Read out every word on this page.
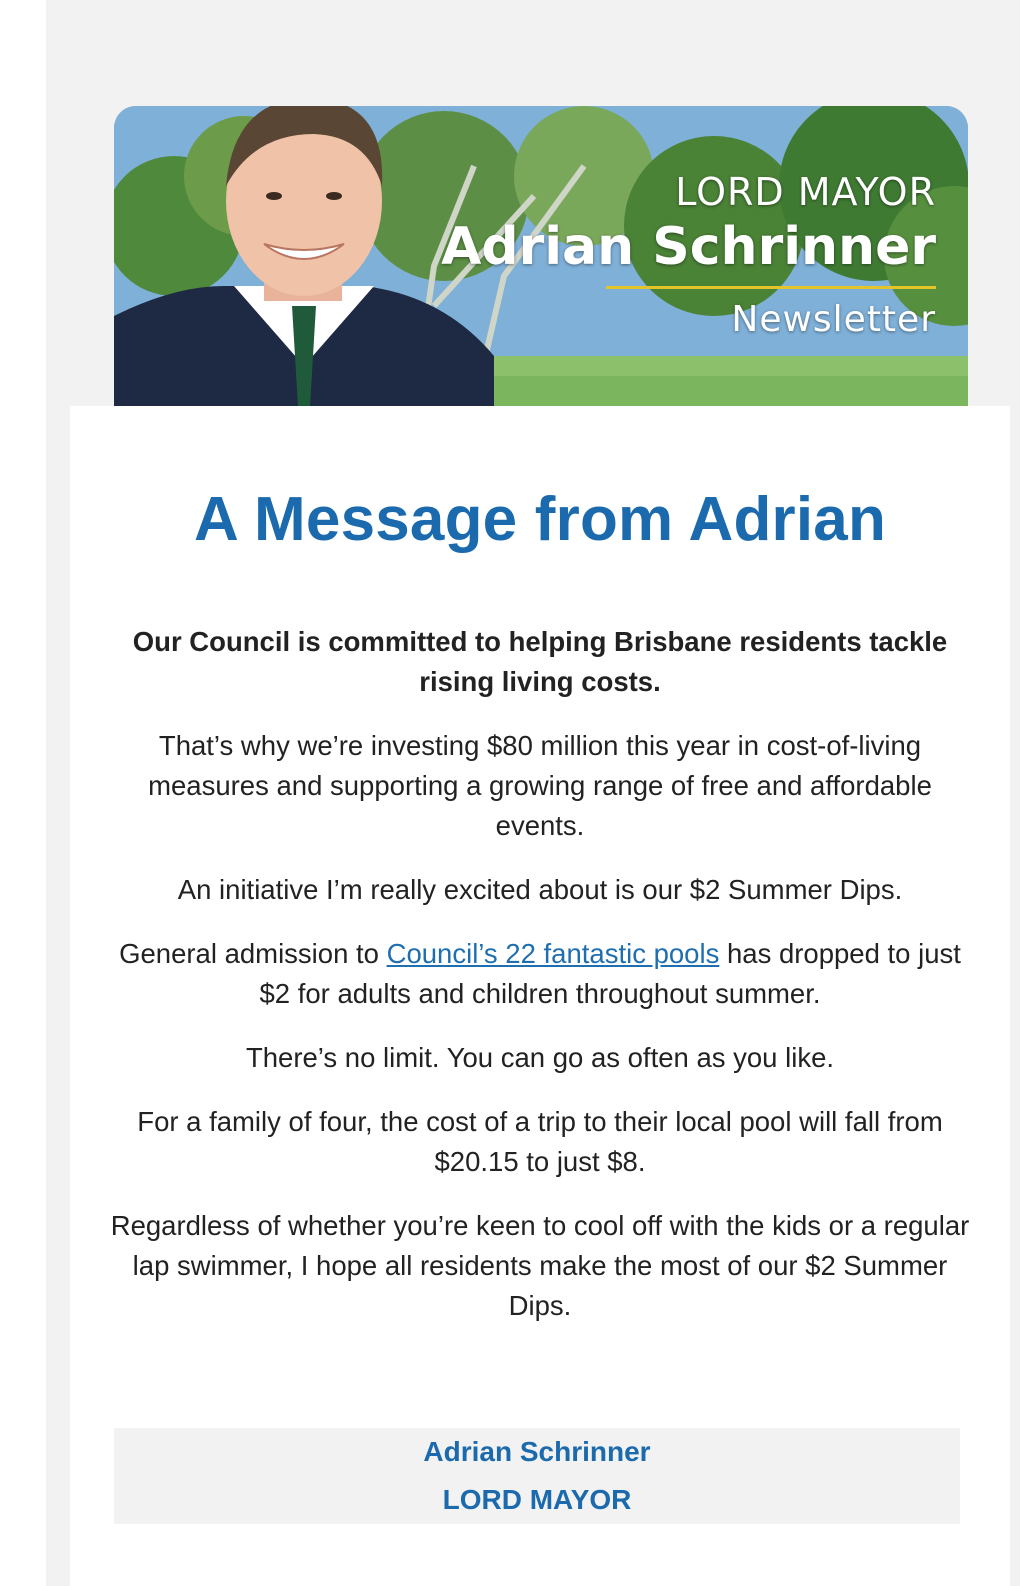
LORD MAYOR
Adrian Schrinner
Newsletter
A Message from Adrian

Our Council is committed to helping Brisbane residents tackle rising living costs.

That’s why we’re investing $80 million this year in cost-of-living measures and supporting a growing range of free and affordable events.

An initiative I’m really excited about is our $2 Summer Dips.

General admission to Council’s 22 fantastic pools has dropped to just $2 for adults and children throughout summer.

There’s no limit. You can go as often as you like.

For a family of four, the cost of a trip to their local pool will fall from $20.15 to just $8.

Regardless of whether you’re keen to cool off with the kids or a regular lap swimmer, I hope all residents make the most of our $2 Summer Dips.

Adrian Schrinner
LORD MAYOR
